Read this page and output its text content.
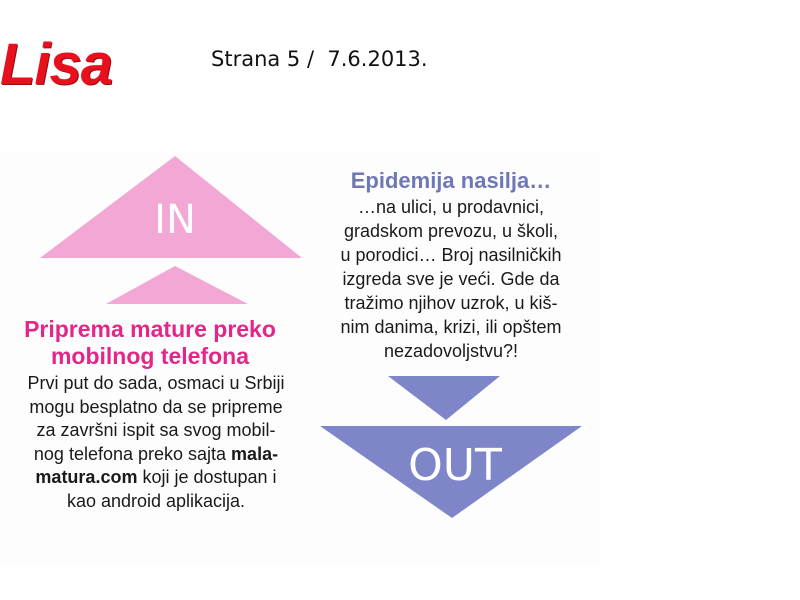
Lisa	Strana 5 /  7.6.2013.
IN
OUT
Epidemija nasilja…
…na ulici, u prodavnici,
gradskom prevozu, u školi,
u porodici… Broj nasilničkih
izgreda sve je veći. Gde da
tražimo njihov uzrok, u kiš-
nim danima, krizi, ili opštem
nezadovoljstvu?!
Priprema mature preko
mobilnog telefona
Prvi put do sada, osmaci u Srbiji
mogu besplatno da se pripreme
za završni ispit sa svog mobil-
nog telefona preko sajta mala-
matura.com koji je dostupan i
kao android aplikacija.
